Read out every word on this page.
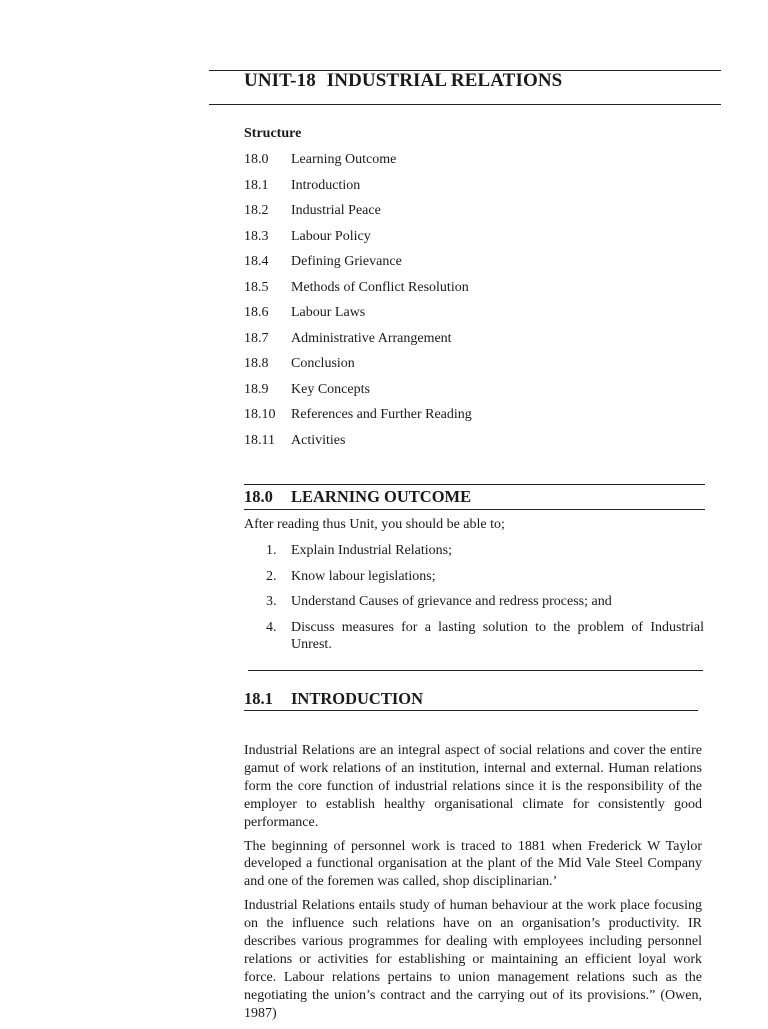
UNIT-18 INDUSTRIAL RELATIONS
Structure
18.0 Learning Outcome
18.1 Introduction
18.2 Industrial Peace
18.3 Labour Policy
18.4 Defining Grievance
18.5 Methods of Conflict Resolution
18.6 Labour Laws
18.7 Administrative Arrangement
18.8 Conclusion
18.9 Key Concepts
18.10 References and Further Reading
18.11 Activities
18.0 LEARNING OUTCOME

After reading thus Unit, you should be able to;

1.	Explain Industrial Relations;
2.	Know labour legislations;
3.	Understand Causes of grievance and redress process; and
4.	Discuss measures for a lasting solution to the problem of Industrial Unrest.
18.1 INTRODUCTION

Industrial Relations are an integral aspect of social relations and cover the entire gamut of work relations of an institution, internal and external. Human relations form the core function of industrial relations since it is the responsibility of the employer to establish healthy organisational climate for consistently good performance.

The beginning of personnel work is traced to 1881 when Frederick W Taylor developed a functional organisation at the plant of the Mid Vale Steel Company and one of the foremen was called, shop disciplinarian.’

Industrial Relations entails study of human behaviour at the work place focusing on the influence such relations have on an organisation’s productivity. IR describes various programmes for dealing with employees including personnel relations or activities for establishing or maintaining an efficient loyal work force. Labour relations pertains to union management relations such as the negotiating the union’s contract and the carrying out of its provisions.” (Owen, 1987)
